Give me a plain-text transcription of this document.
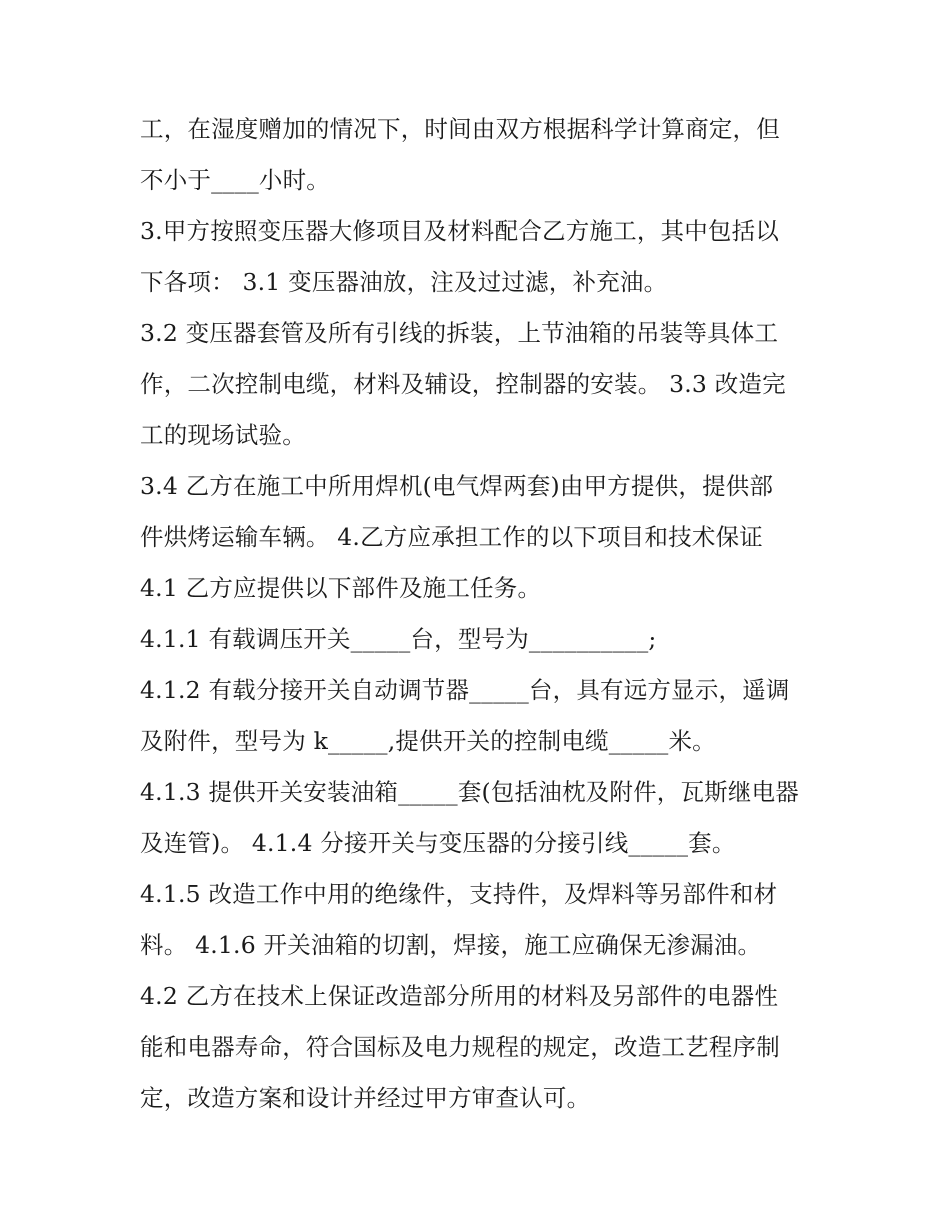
工，在湿度赠加的情况下，时间由双方根据科学计算商定，但
不小于____小时。
3.甲方按照变压器大修项目及材料配合乙方施工，其中包括以
下各项： 3.1 变压器油放，注及过过滤，补充油。
3.2 变压器套管及所有引线的拆装，上节油箱的吊装等具体工
作，二次控制电缆，材料及辅设，控制器的安装。 3.3 改造完
工的现场试验。
3.4 乙方在施工中所用焊机(电气焊两套)由甲方提供，提供部
件烘烤运输车辆。 4.乙方应承担工作的以下项目和技术保证
4.1 乙方应提供以下部件及施工任务。
4.1.1 有载调压开关_____台，型号为__________;
4.1.2 有载分接开关自动调节器_____台，具有远方显示，遥调
及附件，型号为 k_____,提供开关的控制电缆_____米。
4.1.3 提供开关安装油箱_____套(包括油枕及附件，瓦斯继电器
及连管)。 4.1.4 分接开关与变压器的分接引线_____套。
4.1.5 改造工作中用的绝缘件，支持件，及焊料等另部件和材
料。 4.1.6 开关油箱的切割，焊接，施工应确保无渗漏油。
4.2 乙方在技术上保证改造部分所用的材料及另部件的电器性
能和电器寿命，符合国标及电力规程的规定，改造工艺程序制
定，改造方案和设计并经过甲方审查认可。
